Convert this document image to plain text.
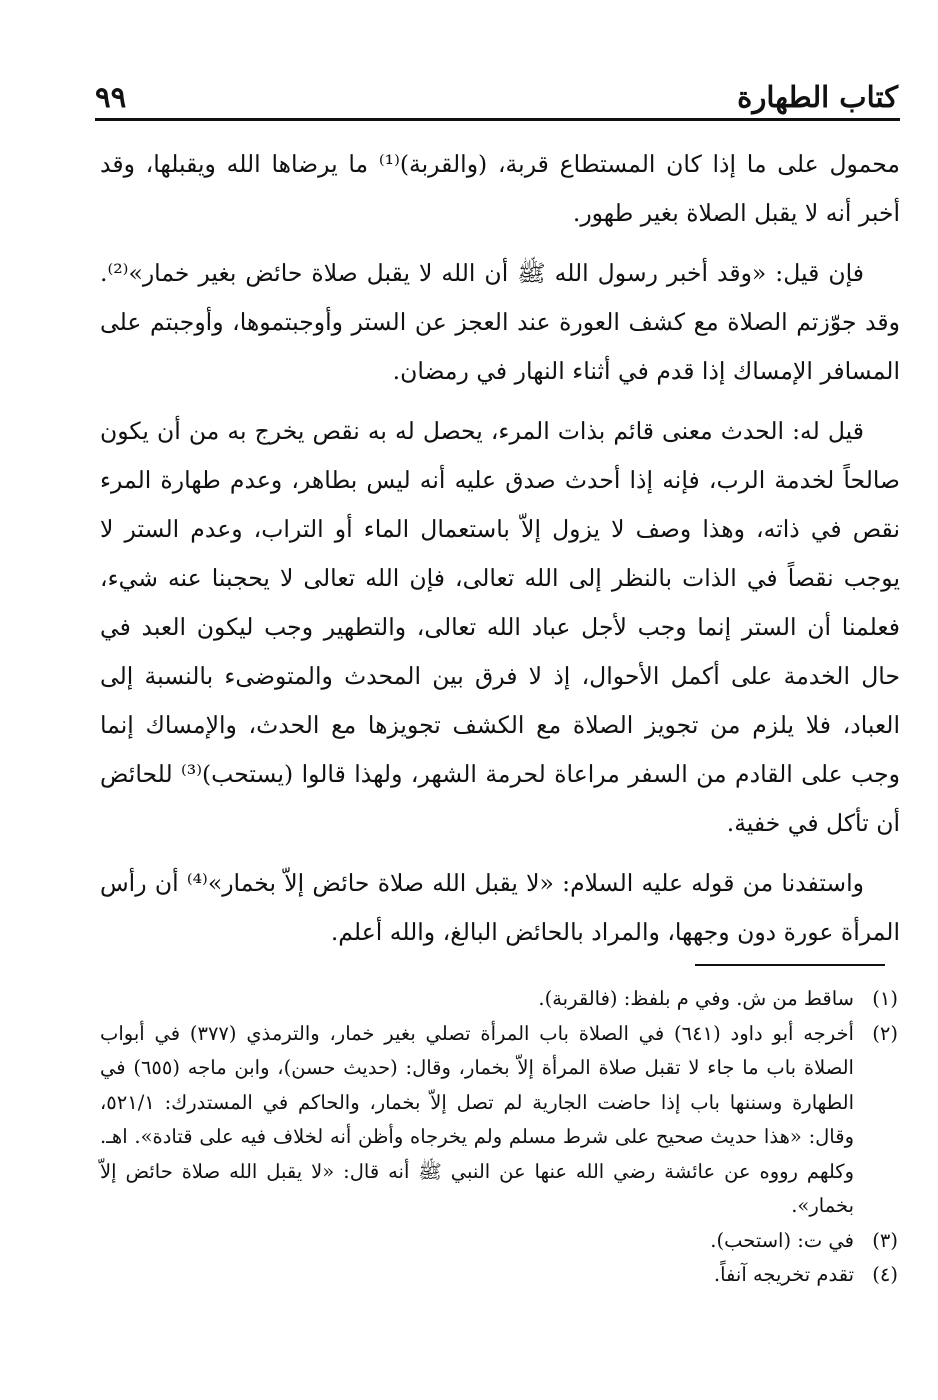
كتاب الطهارة
٩٩

محمول على ما إذا كان المستطاع قربة، (والقربة)⁽¹⁾ ما يرضاها الله ويقبلها، وقد أخبر أنه لا يقبل الصلاة بغير طهور.

فإن قيل: «وقد أخبر رسول الله ﷺ أن الله لا يقبل صلاة حائض بغير خمار»⁽²⁾. وقد جوّزتم الصلاة مع كشف العورة عند العجز عن الستر وأوجبتموها، وأوجبتم على المسافر الإمساك إذا قدم في أثناء النهار في رمضان.

قيل له: الحدث معنى قائم بذات المرء، يحصل له به نقص يخرج به من أن يكون صالحاً لخدمة الرب، فإنه إذا أحدث صدق عليه أنه ليس بطاهر، وعدم طهارة المرء نقص في ذاته، وهذا وصف لا يزول إلاّ باستعمال الماء أو التراب، وعدم الستر لا يوجب نقصاً في الذات بالنظر إلى الله تعالى، فإن الله تعالى لا يحجبنا عنه شيء، فعلمنا أن الستر إنما وجب لأجل عباد الله تعالى، والتطهير وجب ليكون العبد في حال الخدمة على أكمل الأحوال، إذ لا فرق بين المحدث والمتوضىء بالنسبة إلى العباد، فلا يلزم من تجويز الصلاة مع الكشف تجويزها مع الحدث، والإمساك إنما وجب على القادم من السفر مراعاة لحرمة الشهر، ولهذا قالوا (يستحب)⁽³⁾ للحائض أن تأكل في خفية.

واستفدنا من قوله عليه السلام: «لا يقبل الله صلاة حائض إلاّ بخمار»⁽⁴⁾ أن رأس المرأة عورة دون وجهها، والمراد بالحائض البالغ، والله أعلم.

(١)
ساقط من ش. وفي م بلفظ: (فالقربة).
(٢)
أخرجه أبو داود (٦٤١) في الصلاة باب المرأة تصلي بغير خمار، والترمذي (٣٧٧) في أبواب الصلاة باب ما جاء لا تقبل صلاة المرأة إلاّ بخمار، وقال: (حديث حسن)، وابن ماجه (٦٥٥) في الطهارة وسننها باب إذا حاضت الجارية لم تصل إلاّ بخمار، والحاكم في المستدرك: ٥٢١/١، وقال: «هذا حديث صحيح على شرط مسلم ولم يخرجاه وأظن أنه لخلاف فيه على قتادة». اهـ. وكلهم رووه عن عائشة رضي الله عنها عن النبي ﷺ أنه قال: «لا يقبل الله صلاة حائض إلاّ بخمار».
(٣)
في ت: (استحب).
(٤)
تقدم تخريجه آنفاً.
